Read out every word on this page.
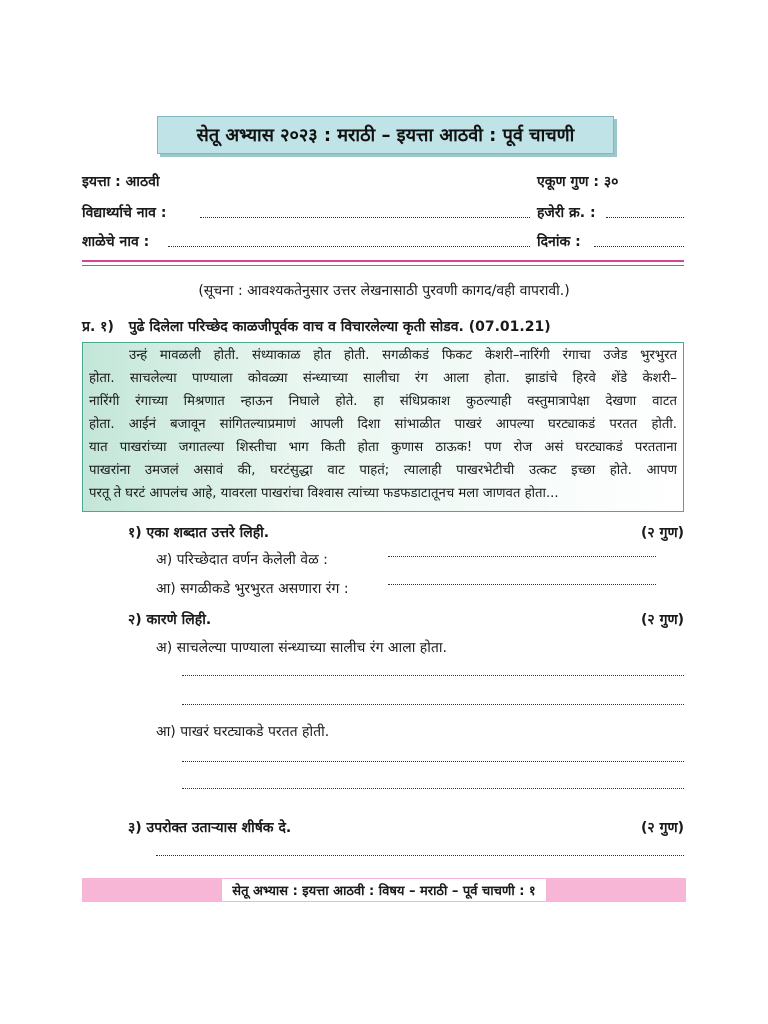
सेतू अभ्यास २०२३ : मराठी – इयत्ता आठवी : पूर्व चाचणी
इयत्ता : आठवी	एकूण गुण : ३०
विद्यार्थ्याचे नाव :	हजेरी क्र. :
शाळेचे नाव :	दिनांक :
(सूचना : आवश्यकतेनुसार उत्तर लेखनासाठी पुरवणी कागद/वही वापरावी.)
प्र. १) पुढे दिलेला परिच्छेद काळजीपूर्वक वाच व विचारलेल्या कृती सोडव. (07.01.21)
उन्हं मावळली होती. संध्याकाळ होत होती. सगळीकडं फिकट केशरी–नारिंगी रंगाचा उजेड भुरभुरत
होता. साचलेल्या पाण्याला कोवळ्या संन्ध्याच्या सालीचा रंग आला होता. झाडांचे हिरवे शेंडे केशरी–
नारिंगी रंगाच्या मिश्रणात न्हाऊन निघाले होते. हा संधिप्रकाश कुठल्याही वस्तुमात्रापेक्षा देखणा वाटत
होता. आईनं बजावून सांगितल्याप्रमाणं आपली दिशा सांभाळीत पाखरं आपल्या घरट्याकडं परतत होती.
यात पाखरांच्या जगातल्या शिस्तीचा भाग किती होता कुणास ठाऊक! पण रोज असं घरट्याकडं परतताना
पाखरांना उमजलं असावं की, घरटंसुद्धा वाट पाहतं; त्यालाही पाखरभेटीची उत्कट इच्छा होते. आपण
परतू ते घरटं आपलंच आहे, यावरला पाखरांचा विश्वास त्यांच्या फडफडाटातूनच मला जाणवत होता...
१) एका शब्दात उत्तरे लिही.	(२ गुण)
अ) परिच्छेदात वर्णन केलेली वेळ :
आ) सगळीकडे भुरभुरत असणारा रंग :
२) कारणे लिही.	(२ गुण)
अ) साचलेल्या पाण्याला संन्ध्याच्या सालीच रंग आला होता.
आ) पाखरं घरट्याकडे परतत होती.
३) उपरोक्त उताऱ्यास शीर्षक दे.	(२ गुण)
सेतू अभ्यास : इयत्ता आठवी : विषय – मराठी – पूर्व चाचणी : १
